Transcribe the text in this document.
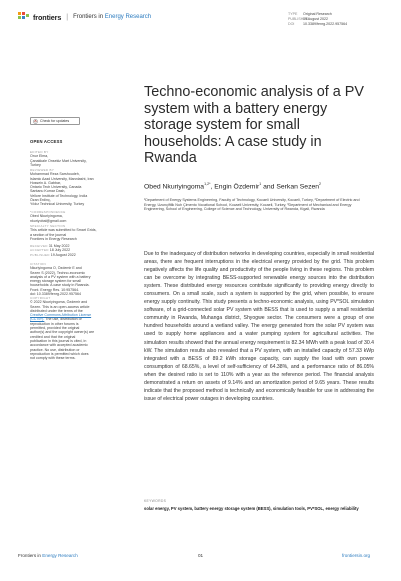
frontiers | Frontiers in Energy Research	TYPE Original Research
PUBLISHED19 August 2022
DOI 10.3389/fenrg.2022.957564
Check for updates
OPEN ACCESS
EDITED BY
Onur Elma,
Çanakkale Onsekiz Mart University,
Turkey
REVIEWED BY
Mohammad Reza Sarshoudeh,
Islamic Azad University, Marvdasht, Iran
Hossein A. Gabbar,
Ontario Tech University, Canada
Santanu Kumar Dash,
Vellore Institute of Technology, India
Özan Erdinç,
Yıldız Technical University, Turkey
*CORRESPONDENCE
Obed Nkuriyingoma,
nkuriyobal@gmail.com
SPECIALTY SECTION
This article was submitted to Smart Grids,
a section of the journal
Frontiers in Energy Research
RECEIVED 31 May 2022
ACCEPTED 18 July 2022
PUBLISHED 19 August 2022
CITATION
Nkuriyingoma O, Özdemir E and
Sezen S (2022), Techno-economic
analysis of a PV system with a battery
energy storage system for small
households: A case study in Rwanda.
Front. Energy Res. 10:957564.
doi: 10.3389/fenrg.2022.957564
COPYRIGHT
© 2022 Nkuriyingoma, Özdemir and
Sezen. This is an open-access article
distributed under the terms of the
Creative Commons Attribution License
(CC BY). The use, distribution or
reproduction in other forums is
permitted, provided the original
author(s) and the copyright owner(s) are
credited and that the original
publication in this journal is cited, in
accordance with accepted academic
practice. No use, distribution or
reproduction is permitted which does
not comply with these terms.
Techno-economic analysis of a PV system with a battery energy storage system for small households: A case study in Rwanda
Obed Nkuriyingoma$^{1,2*}$, Engin Özdemir$^1$ and Serkan Sezen$^2$
¹Department of Energy Systems Engineering, Faculty of Technology, Kocaeli University, Kocaeli, Turkey, ²Department of Electric and Energy, Uzunçiftlik Nuh Çimento Vocational School, Kocaeli University, Kocaeli, Turkey, ³Department of Mechanical and Energy Engineering, School of Engineering, College of Science and Technology, University of Rwanda, Kigali, Rwanda
Due to the inadequacy of distribution networks in developing countries, especially in small residential areas, there are frequent interruptions in the electrical energy provided by the grid. This problem negatively affects the life quality and productivity of the people living in these regions. This problem can be overcome by integrating BESS-supported renewable energy sources into the distribution system. These distributed energy resources contribute significantly to providing energy directly to consumers. On a small scale, such a system is supported by the grid, when possible, to ensure energy supply continuity. This study presents a techno-economic analysis, using PV*SOL simulation software, of a grid-connected solar PV system with BESS that is used to supply a small residential community in Rwanda, Muhanga district, Shyogwe sector. The consumers were a group of one hundred households around a wetland valley. The energy generated from the solar PV system was used to supply home appliances and a water pumping system for agricultural activities. The simulation results showed that the annual energy requirement is 82.34 MWh with a peak load of 30.4 kW. The simulation results also revealed that a PV system, with an installed capacity of 57.33 kWp integrated with a BESS of 89.2 kWh storage capacity, can supply the load with own power consumption of 68.65%, a level of self-sufficiency of 64.38%, and a performance ratio of 86.05% when the desired ratio is set to 110% with a year as the reference period. The financial analysis demonstrated a return on assets of 9.14% and an amortization period of 9.65 years. These results indicate that the proposed method is technically and economically feasible for use in addressing the issue of electrical power outages in developing countries.
KEYWORDS
solar energy, PV system, battery energy storage system (BESS), simulation tools, PV*SOL, energy reliability
Frontiers in Energy Research	01	frontiersin.org
